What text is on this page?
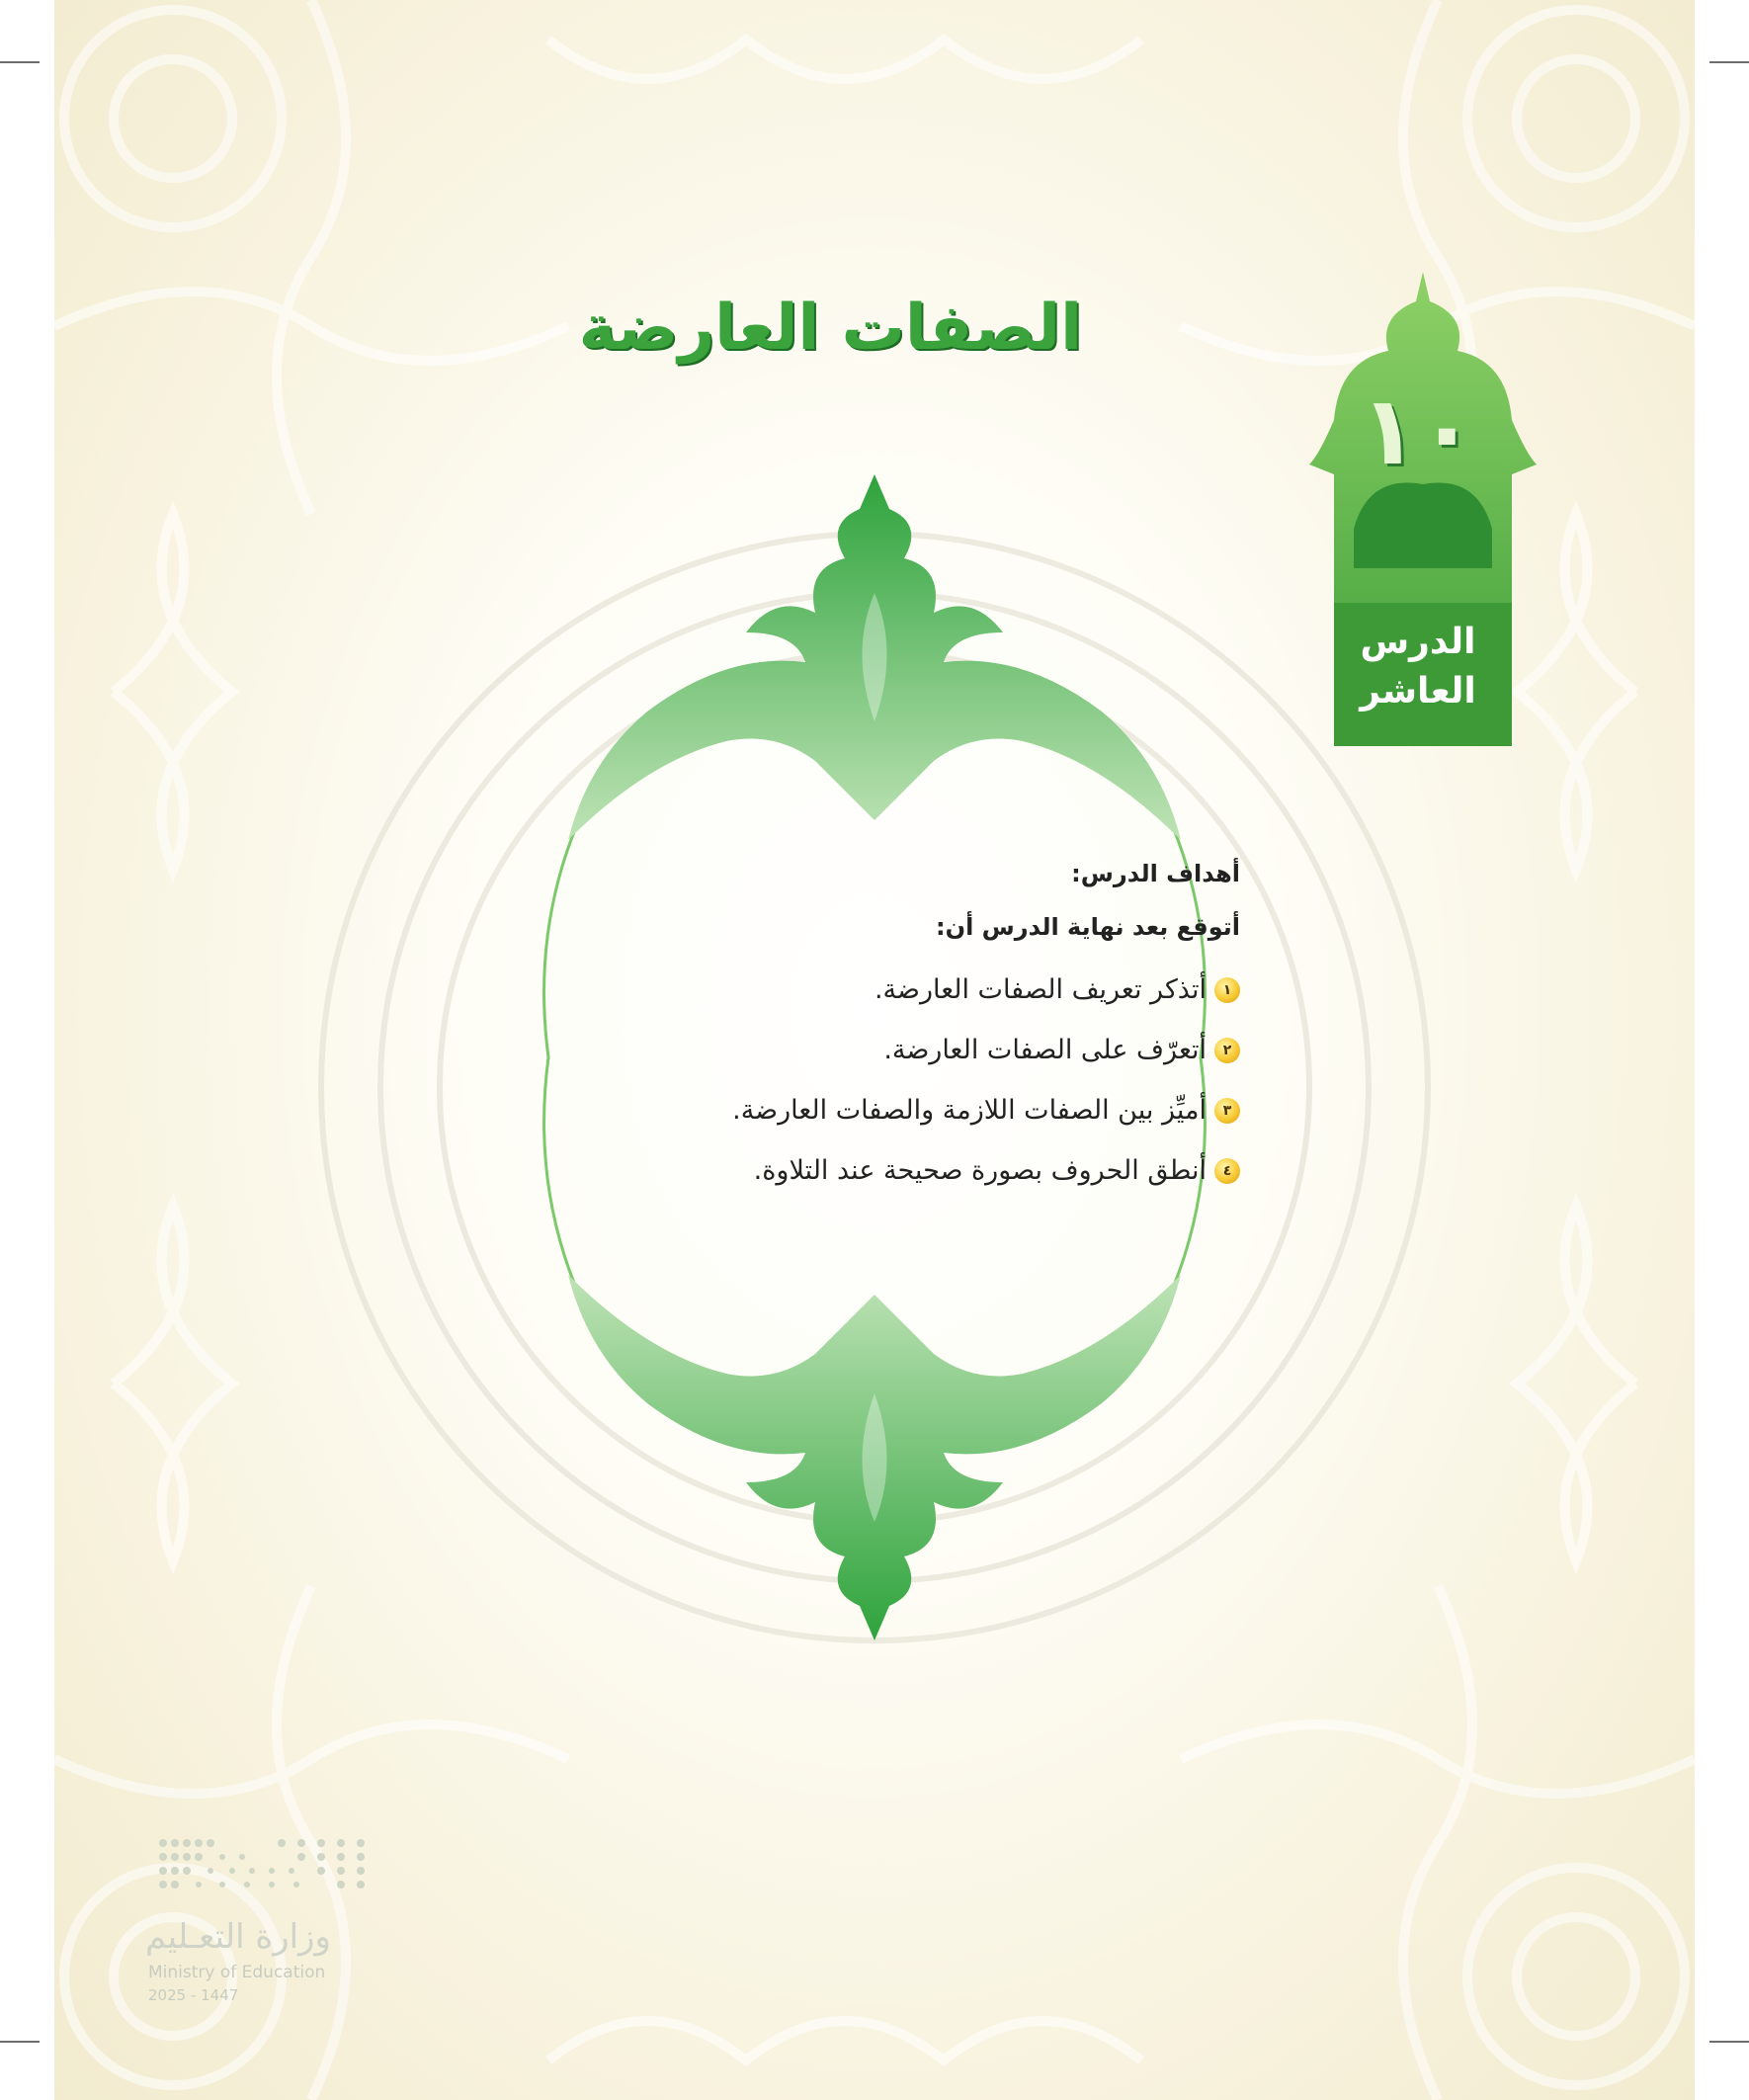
الصفات العارضة
١٠
الدرس
العاشر
أهداف الدرس:
أتوقع بعد نهاية الدرس أن:
١
أتذكر تعريف الصفات العارضة.
٢
أتعرّف على الصفات العارضة.
٣
أميِّز بين الصفات اللازمة والصفات العارضة.
٤
أنطق الحروف بصورة صحيحة عند التلاوة.
وزارة التعـليم
Ministry of Education
2025 - 1447
